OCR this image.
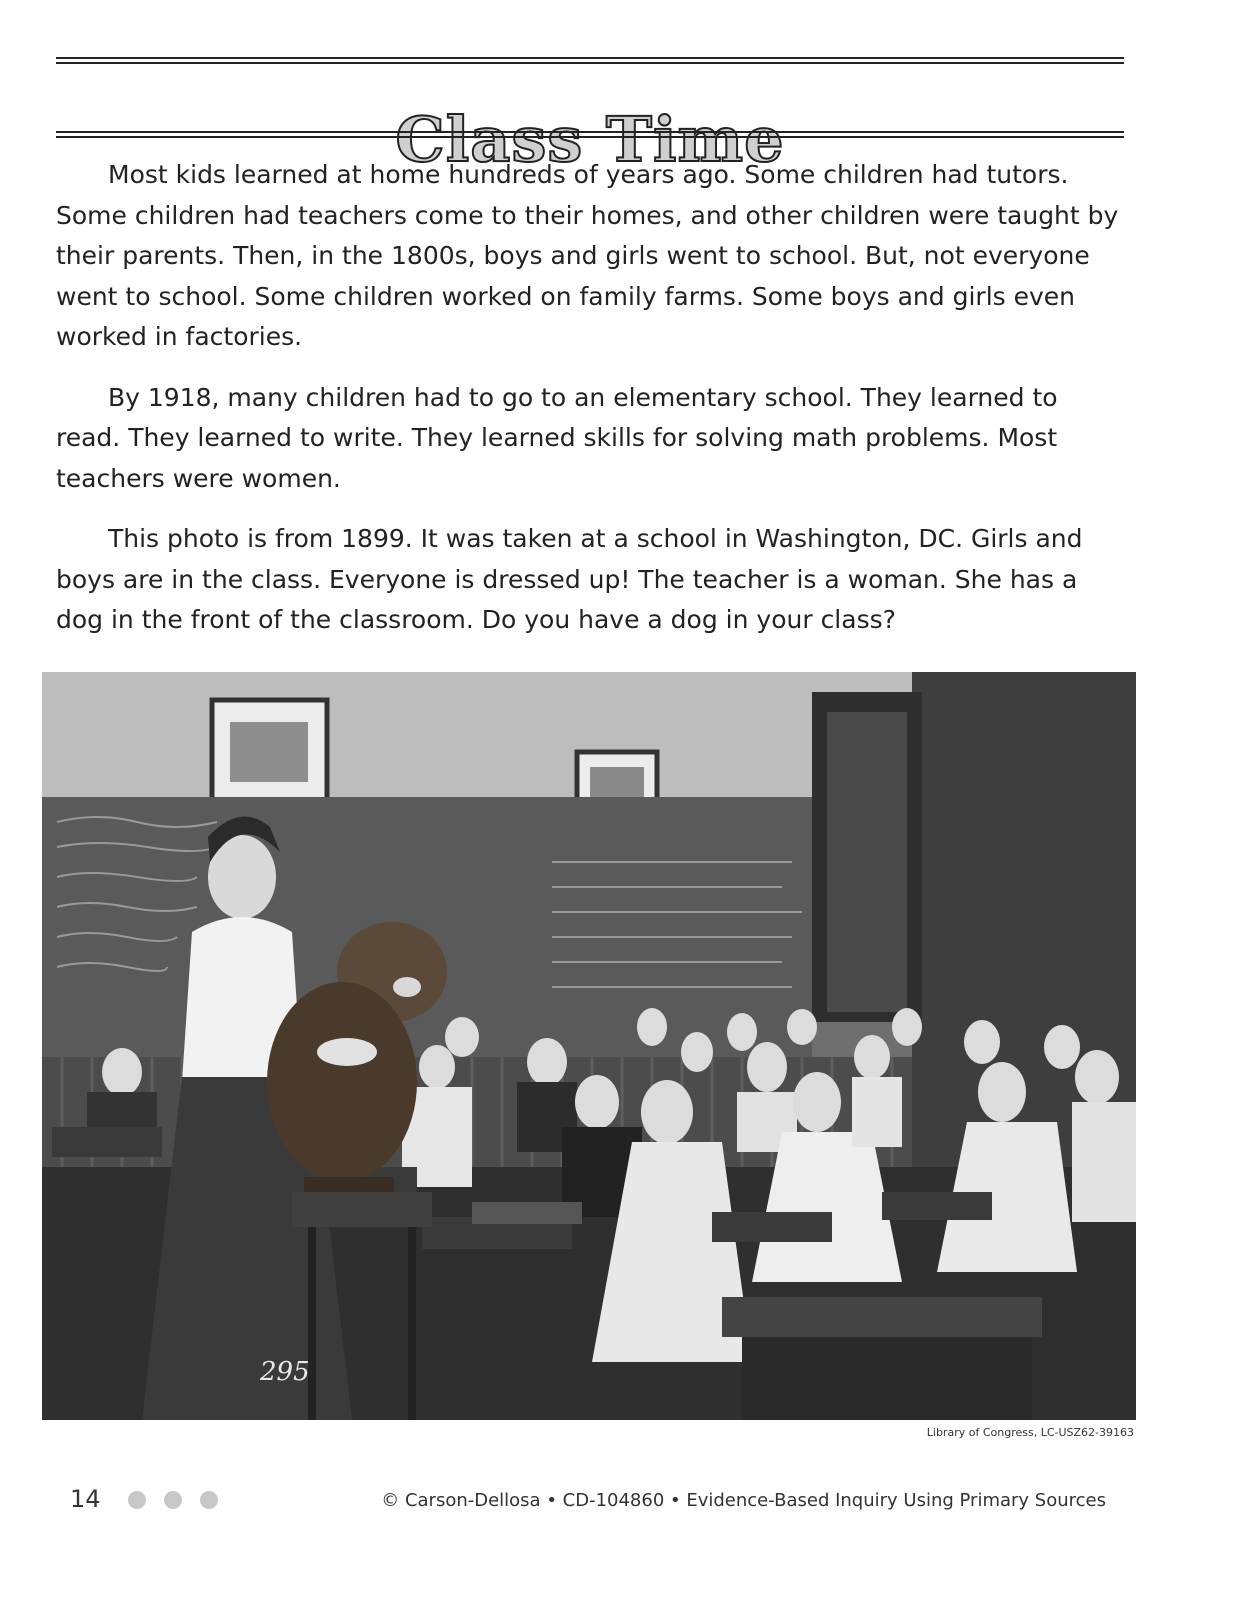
Class Time

Most kids learned at home hundreds of years ago. Some children had tutors. Some children had teachers come to their homes, and other children were taught by their parents. Then, in the 1800s, boys and girls went to school. But, not everyone went to school. Some children worked on family farms. Some boys and girls even worked in factories.

By 1918, many children had to go to an elementary school. They learned to read. They learned to write. They learned skills for solving math problems. Most teachers were women.

This photo is from 1899. It was taken at a school in Washington, DC. Girls and boys are in the class. Everyone is dressed up! The teacher is a woman. She has a dog in the front of the classroom. Do you have a dog in your class?

295
Library of Congress, LC-USZ62-39163
14	© Carson-Dellosa • CD-104860 • Evidence-Based Inquiry Using Primary Sources
